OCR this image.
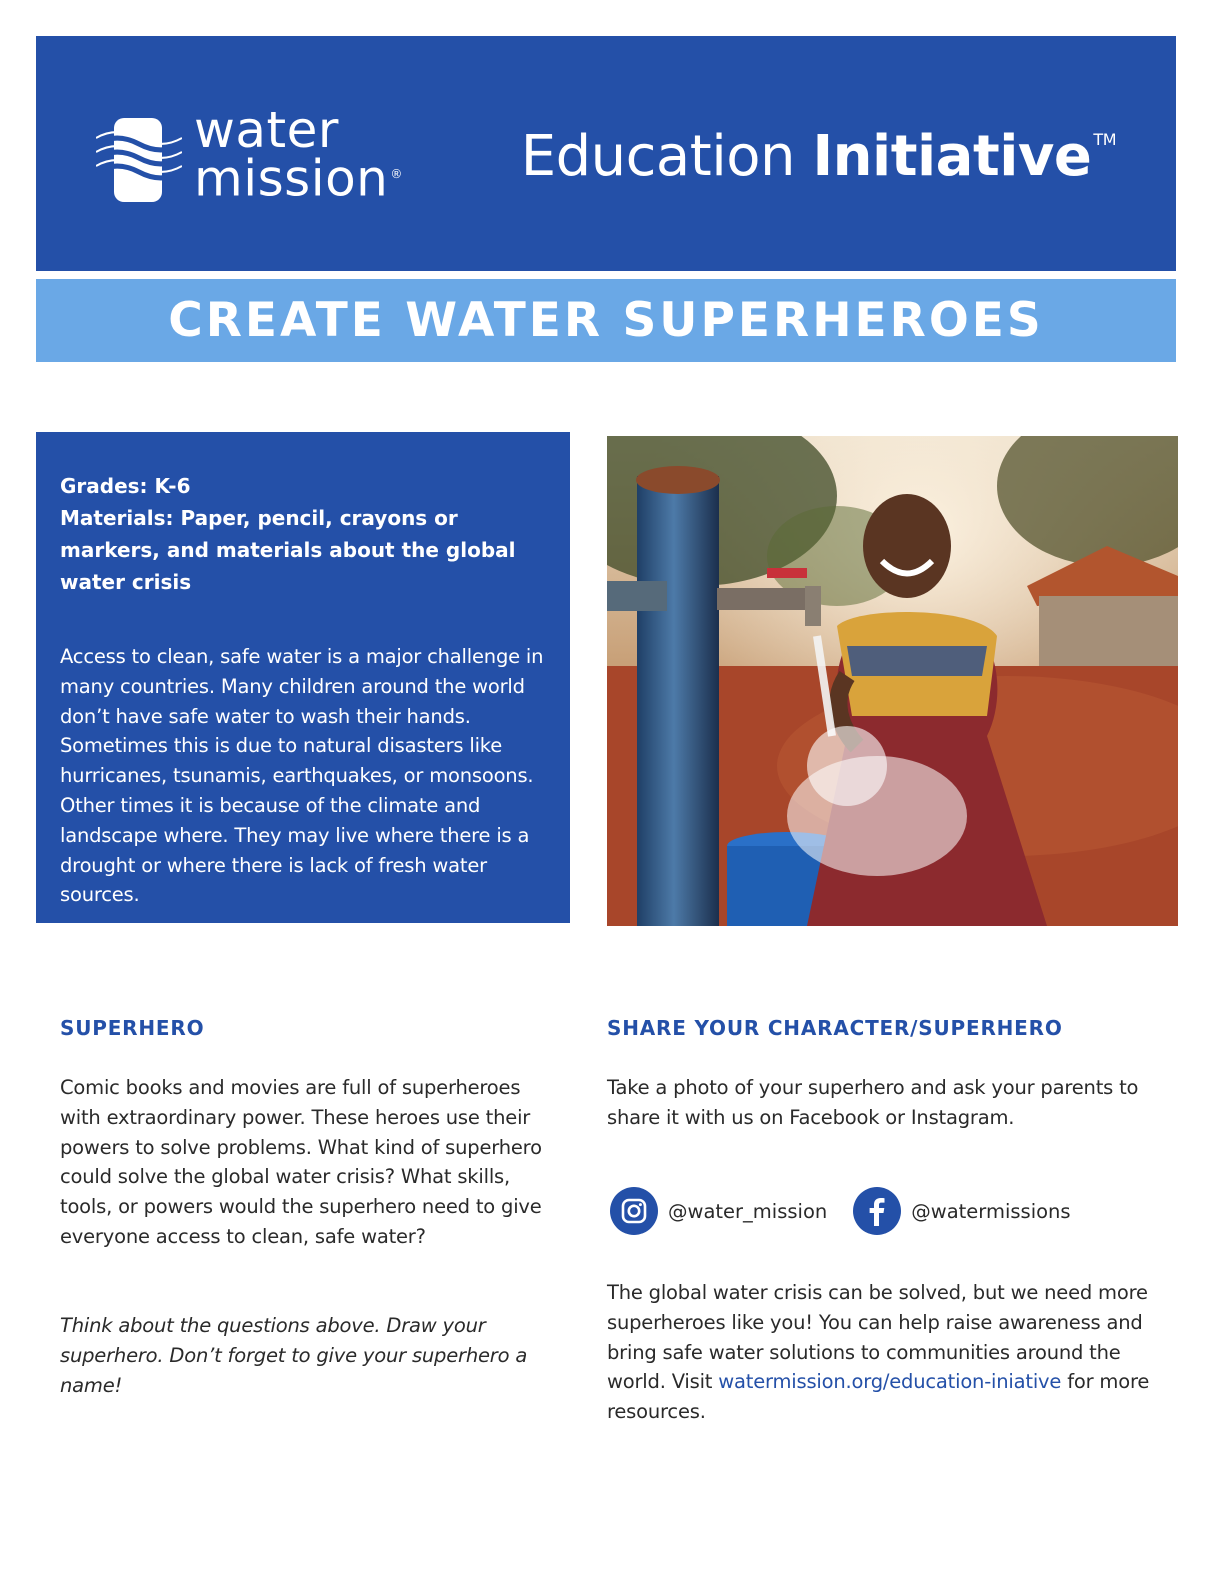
water
mission ® Education Initiative ™
CREATE WATER SUPERHEROES
Grades: K-6
Materials: Paper, pencil, crayons or markers, and materials about the global water crisis
Access to clean, safe water is a major challenge in many countries. Many children around the world don’t have safe water to wash their hands. Sometimes this is due to natural disasters like hurricanes, tsunamis, earthquakes, or monsoons. Other times it is because of the climate and landscape where. They may live where there is a drought or where there is lack of fresh water sources.
SUPERHERO
Comic books and movies are full of superheroes with extraordinary power. These heroes use their powers to solve problems. What kind of superhero could solve the global water crisis? What skills, tools, or powers would the superhero need to give everyone access to clean, safe water?
Think about the questions above. Draw your superhero. Don’t forget to give your superhero a name!
SHARE YOUR CHARACTER/SUPERHERO
Take a photo of your superhero and ask your parents to share it with us on Facebook or Instagram.
@water_mission	@watermissions
The global water crisis can be solved, but we need more superheroes like you! You can help raise awareness and bring safe water solutions to communities around the world. Visit watermission.org/education-iniative for more resources.
